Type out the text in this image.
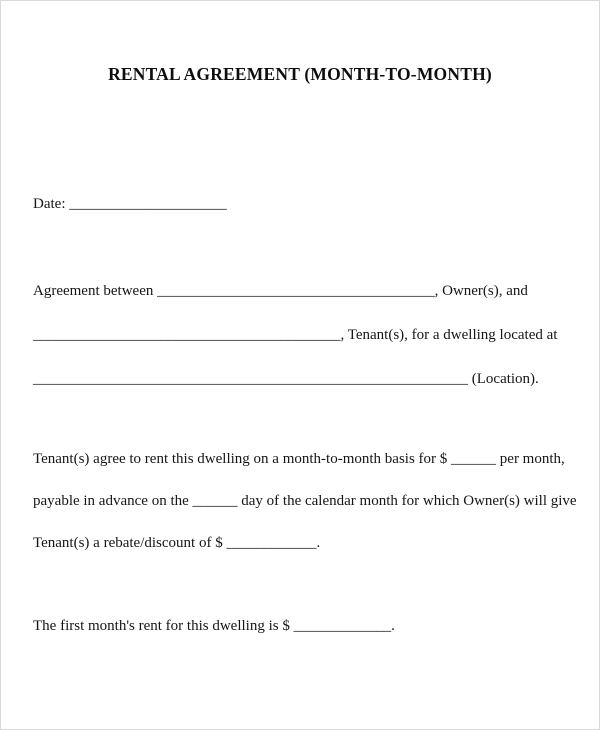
RENTAL AGREEMENT (MONTH-TO-MONTH)
Date: _____________________
Agreement between _____________________________________, Owner(s), and
_________________________________________, Tenant(s), for a dwelling located at
__________________________________________________________ (Location).
Tenant(s) agree to rent this dwelling on a month-to-month basis for $ ______ per month,
payable in advance on the ______ day of the calendar month for which Owner(s) will give
Tenant(s) a rebate/discount of $ ____________.
The first month's rent for this dwelling is $ _____________.
